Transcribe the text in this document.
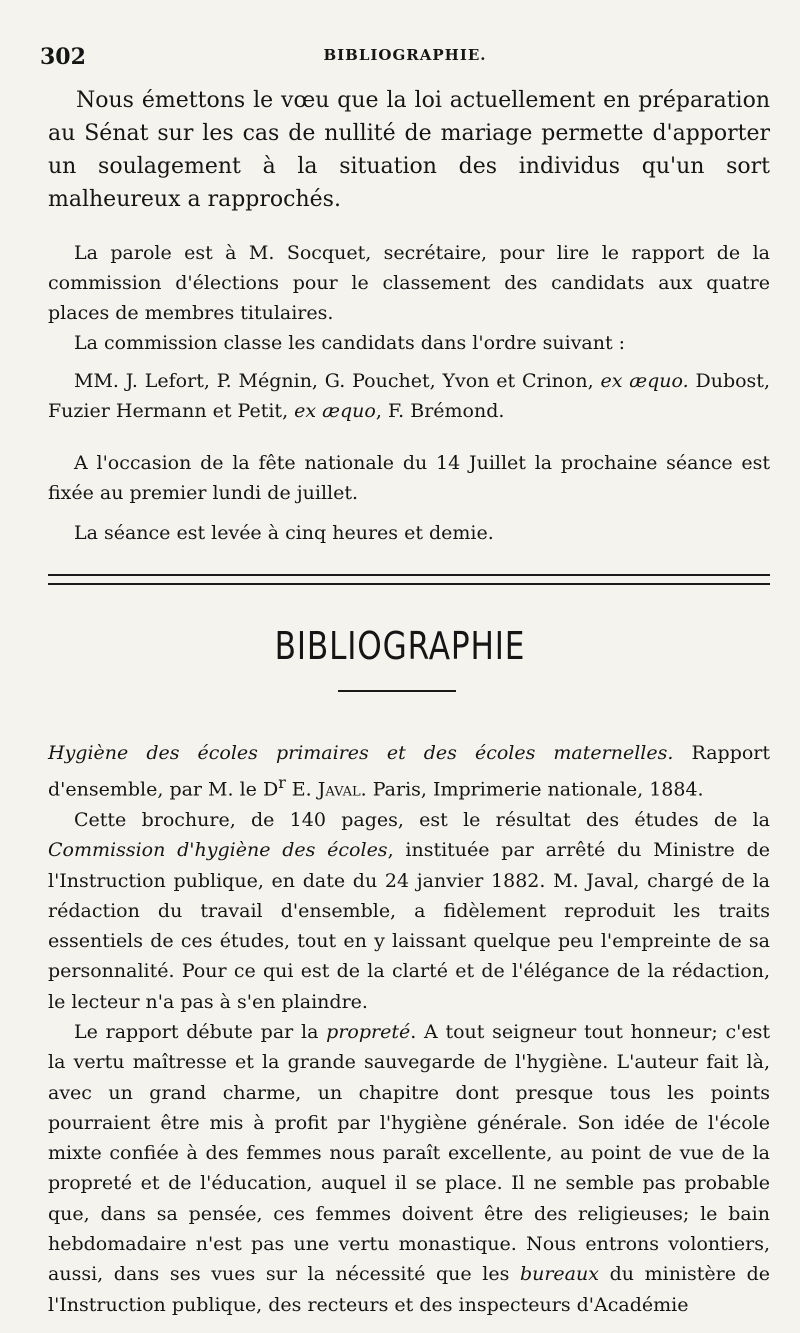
302	BIBLIOGRAPHIE.

Nous émettons le vœu que la loi actuellement en préparation au Sénat sur les cas de nullité de mariage permette d'apporter un soulagement à la situation des individus qu'un sort malheureux a rapprochés.

La parole est à M. Socquet, secrétaire, pour lire le rapport de la commission d'élections pour le classement des candidats aux quatre places de membres titulaires.

La commission classe les candidats dans l'ordre suivant :

MM. J. Lefort, P. Mégnin, G. Pouchet, Yvon et Crinon, ex æquo. Dubost, Fuzier Hermann et Petit, ex æquo, F. Brémond.

A l'occasion de la fête nationale du 14 Juillet la prochaine séance est fixée au premier lundi de juillet.

La séance est levée à cinq heures et demie.

BIBLIOGRAPHIE

Hygiène des écoles primaires et des écoles maternelles. Rapport d'ensemble, par M. le $D^r$ E. Javal. Paris, Imprimerie nationale, 1884.

Cette brochure, de 140 pages, est le résultat des études de la Commission d'hygiène des écoles, instituée par arrêté du Ministre de l'Instruction publique, en date du 24 janvier 1882. M. Javal, chargé de la rédaction du travail d'ensemble, a fidèlement reproduit les traits essentiels de ces études, tout en y laissant quelque peu l'empreinte de sa personnalité. Pour ce qui est de la clarté et de l'élégance de la rédaction, le lecteur n'a pas à s'en plaindre.

Le rapport débute par la propreté. A tout seigneur tout honneur; c'est la vertu maîtresse et la grande sauvegarde de l'hygiène. L'auteur fait là, avec un grand charme, un chapitre dont presque tous les points pourraient être mis à profit par l'hygiène générale. Son idée de l'école mixte confiée à des femmes nous paraît excellente, au point de vue de la propreté et de l'éducation, auquel il se place. Il ne semble pas probable que, dans sa pensée, ces femmes doivent être des religieuses; le bain hebdomadaire n'est pas une vertu monastique. Nous entrons volontiers, aussi, dans ses vues sur la nécessité que les bureaux du ministère de l'Instruction publique, des recteurs et des inspecteurs d'Académie
